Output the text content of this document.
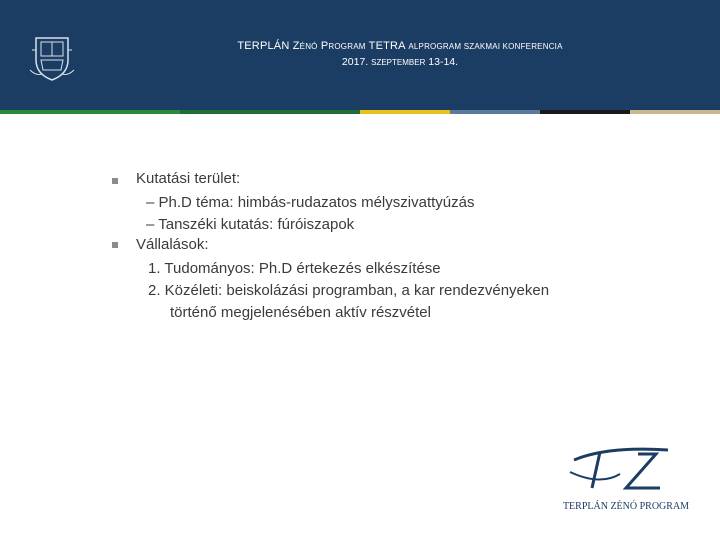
TERPLÁN ZÉNÓ PROGRAM TETRA ALPROGRAM SZAKMAI KONFERENCIA
2017. SZEPTEMBER 13-14.
Kutatási terület:
– Ph.D téma: himbás-rudazatos mélyszivattyúzás
– Tanszéki kutatás: fúróiszapok
Vállalások:
1. Tudományos: Ph.D értekezés elkészítése
2. Közéleti: beiskolázási programban, a kar rendezvényeken
történő megjelenésében aktív részvétel
TERPLÁN ZÉNÓ PROGRAM
